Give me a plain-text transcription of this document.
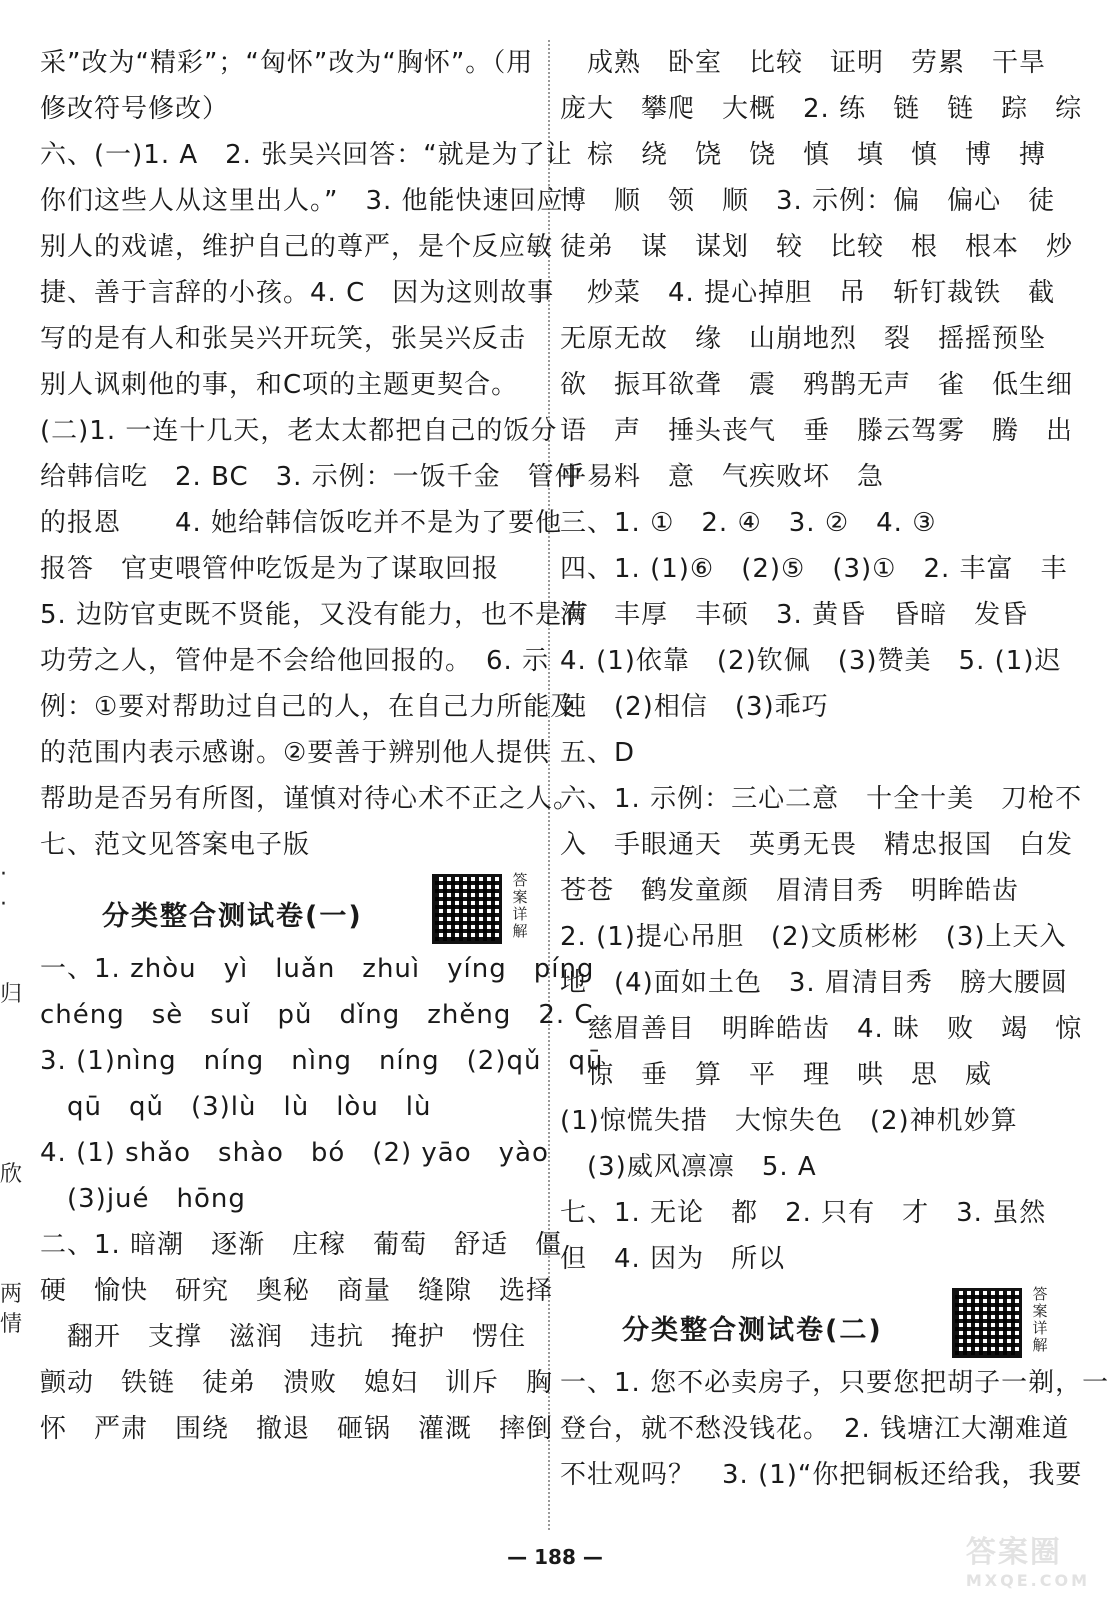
·
·

归

欣

两
情
采”改为“精彩”；“匈怀”改为“胸怀”。（用
修改符号修改）
六、(一)1. A　2. 张吴兴回答：“就是为了让
你们这些人从这里出人。”　3. 他能快速回应
别人的戏谑，维护自己的尊严，是个反应敏
捷、善于言辞的小孩。4. C　因为这则故事
写的是有人和张吴兴开玩笑，张吴兴反击
别人讽刺他的事，和C项的主题更契合。
(二)1. 一连十几天，老太太都把自己的饭分
给韩信吃　2. BC　3. 示例：一饭千金　管仲
的报恩　　4. 她给韩信饭吃并不是为了要他
报答　官吏喂管仲吃饭是为了谋取回报
5. 边防官吏既不贤能，又没有能力，也不是有
功劳之人，管仲是不会给他回报的。　6. 示
例：①要对帮助过自己的人，在自己力所能及
的范围内表示感谢。②要善于辨别他人提供
帮助是否另有所图，谨慎对待心术不正之人。
七、范文见答案电子版
分类整合测试卷(一)
答案详解
一、1. zhòu　yì　luǎn　zhuì　yíng　píng
chéng　sè　suǐ　pǔ　dǐng　zhěng　2. C
3. (1)nìng　níng　nìng　níng　(2)qǔ　qū
　qū　qǔ　(3)lù　lù　lòu　lù
4. (1) shǎo　shào　bó　(2) yāo　yào
　(3)jué　hōng
二、1. 暗潮　逐渐　庄稼　葡萄　舒适　僵
硬　愉快　研究　奥秘　商量　缝隙　选择
　翻开　支撑　滋润　违抗　掩护　愣住
颤动　铁链　徒弟　溃败　媳妇　训斥　胸
怀　严肃　围绕　撤退　砸锅　灌溉　摔倒
　成熟　卧室　比较　证明　劳累　干旱
庞大　攀爬　大概　2. 练　链　链　踪　综
　棕　绕　饶　饶　慎　填　慎　博　搏
博　顺　领　顺　3. 示例：偏　偏心　徒
徒弟　谋　谋划　较　比较　根　根本　炒
　炒菜　4. 提心掉胆　吊　斩钉裁铁　截
无原无故　缘　山崩地烈　裂　摇摇预坠
欲　振耳欲聋　震　鸦鹊无声　雀　低生细
语　声　捶头丧气　垂　滕云驾雾　腾　出
乎易料　意　气疾败坏　急
三、1. ①　2. ④　3. ②　4. ③
四、1. (1)⑥　(2)⑤　(3)①　2. 丰富　丰
满　丰厚　丰硕　3. 黄昏　昏暗　发昏
4. (1)依靠　(2)钦佩　(3)赞美　5. (1)迟
钝　(2)相信　(3)乖巧
五、D
六、1. 示例：三心二意　十全十美　刀枪不
入　手眼通天　英勇无畏　精忠报国　白发
苍苍　鹤发童颜　眉清目秀　明眸皓齿
2. (1)提心吊胆　(2)文质彬彬　(3)上天入
地　(4)面如土色　3. 眉清目秀　膀大腰圆
　慈眉善目　明眸皓齿　4. 昧　败　竭　惊
　惊　垂　算　平　理　哄　思　威
(1)惊慌失措　大惊失色　(2)神机妙算
　(3)威风凛凛　5. A
七、1. 无论　都　2. 只有　才　3. 虽然
但　4. 因为　所以
分类整合测试卷(二)
答案详解
一、1. 您不必卖房子，只要您把胡子一剃，一
登台，就不愁没钱花。　2. 钱塘江大潮难道
不壮观吗？　3. (1)“你把铜板还给我，我要
— 188 —	答案圈
MXQE.COM
